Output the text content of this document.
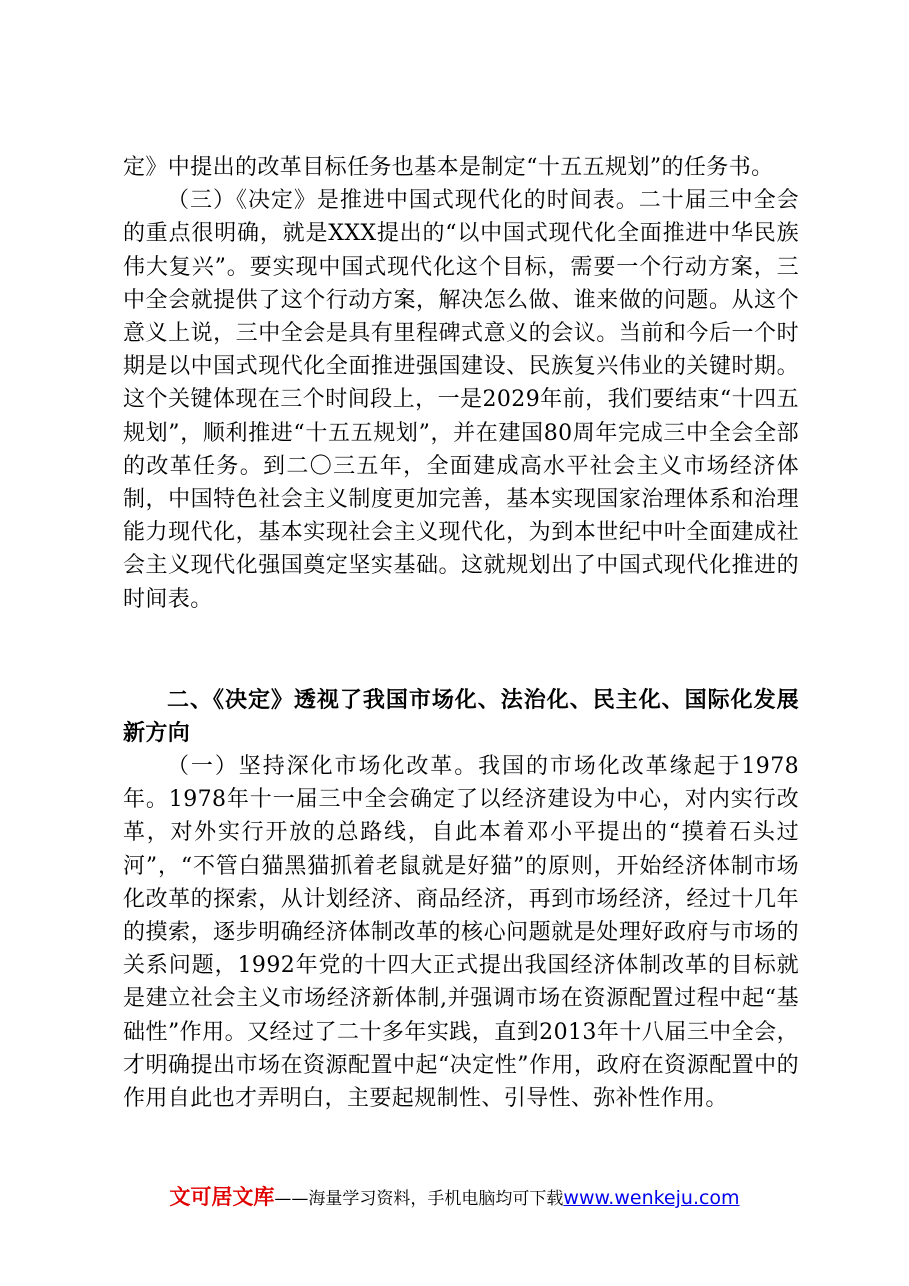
定》中提出的改革目标任务也基本是制定“十五五规划”的任务书。

（三）《决定》是推进中国式现代化的时间表。二十届三中全会的重点很明确，就是XXX提出的“以中国式现代化全面推进中华民族伟大复兴”。要实现中国式现代化这个目标，需要一个行动方案，三中全会就提供了这个行动方案，解决怎么做、谁来做的问题。从这个意义上说，三中全会是具有里程碑式意义的会议。当前和今后一个时期是以中国式现代化全面推进强国建设、民族复兴伟业的关键时期。这个关键体现在三个时间段上，一是2029年前，我们要结束“十四五规划”，顺利推进“十五五规划”，并在建国80周年完成三中全会全部的改革任务。到二〇三五年，全面建成高水平社会主义市场经济体制，中国特色社会主义制度更加完善，基本实现国家治理体系和治理能力现代化，基本实现社会主义现代化，为到本世纪中叶全面建成社会主义现代化强国奠定坚实基础。这就规划出了中国式现代化推进的时间表。

二、《决定》透视了我国市场化、法治化、民主化、国际化发展新方向

（一）坚持深化市场化改革。我国的市场化改革缘起于1978年。1978年十一届三中全会确定了以经济建设为中心，对内实行改革，对外实行开放的总路线，自此本着邓小平提出的“摸着石头过河”，“不管白猫黑猫抓着老鼠就是好猫”的原则，开始经济体制市场化改革的探索，从计划经济、商品经济，再到市场经济，经过十几年的摸索，逐步明确经济体制改革的核心问题就是处理好政府与市场的关系问题，1992年党的十四大正式提出我国经济体制改革的目标就是建立社会主义市场经济新体制,并强调市场在资源配置过程中起“基础性”作用。又经过了二十多年实践，直到2013年十八届三中全会，才明确提出市场在资源配置中起“决定性”作用，政府在资源配置中的作用自此也才弄明白，主要起规制性、引导性、弥补性作用。

文可居文库——海量学习资料，手机电脑均可下载www.wenkeju.com
